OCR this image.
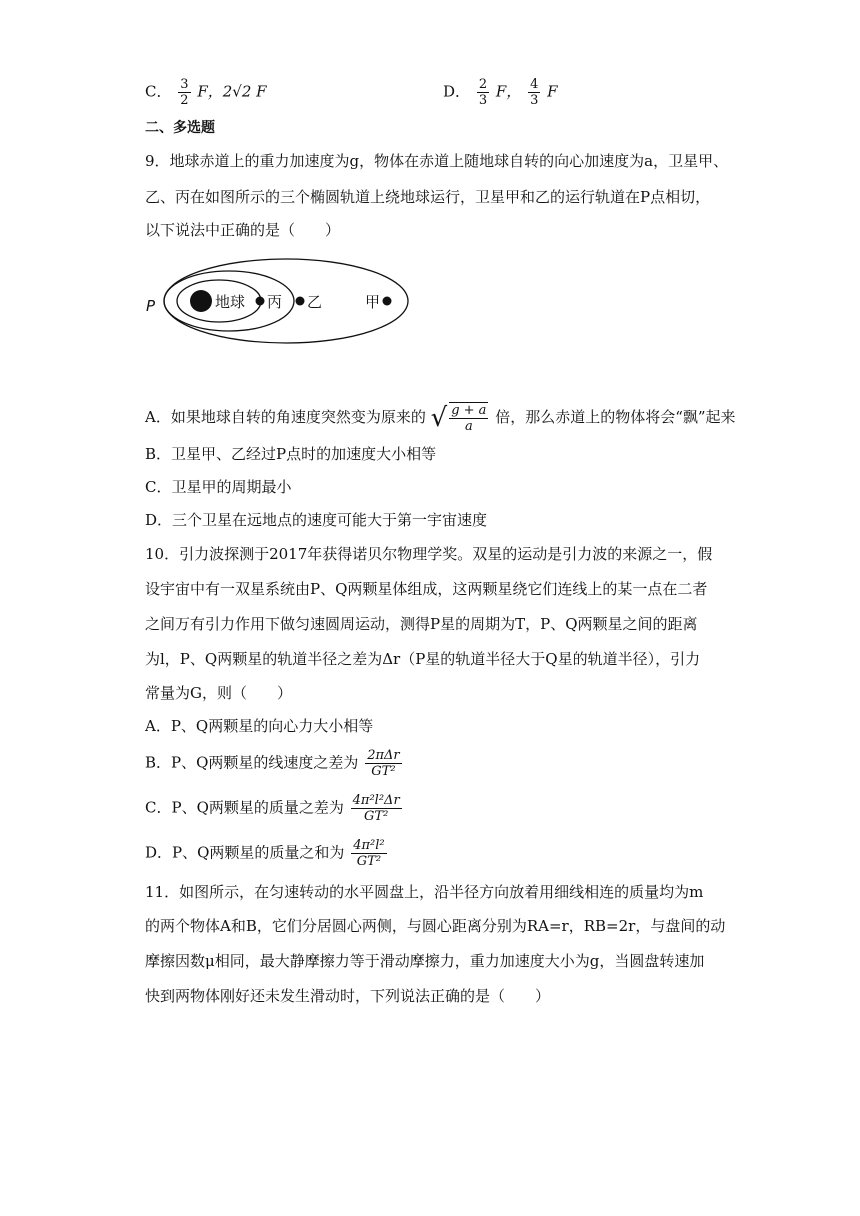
C． $\frac{3}{2}$ F，2√2 F	D． $\frac{2}{3}$ F， $\frac{4}{3}$ F
二、多选题
9．地球赤道上的重力加速度为g，物体在赤道上随地球自转的向心加速度为a，卫星甲、
乙、丙在如图所示的三个椭圆轨道上绕地球运行，卫星甲和乙的运行轨道在P点相切，
以下说法中正确的是（　　）
P	地球 丙 乙	甲
A．如果地球自转的角速度突然变为原来的 √ $\frac{g + a}{a}$ 倍，那么赤道上的物体将会“飘”起来
B．卫星甲、乙经过P点时的加速度大小相等
C．卫星甲的周期最小
D．三个卫星在远地点的速度可能大于第一宇宙速度
10．引力波探测于2017年获得诺贝尔物理学奖。双星的运动是引力波的来源之一，假
设宇宙中有一双星系统由P、Q两颗星体组成，这两颗星绕它们连线上的某一点在二者
之间万有引力作用下做匀速圆周运动，测得P星的周期为T，P、Q两颗星之间的距离
为l，P、Q两颗星的轨道半径之差为Δr（P星的轨道半径大于Q星的轨道半径），引力
常量为G，则（　　）
A．P、Q两颗星的向心力大小相等
B．P、Q两颗星的线速度之差为 $\frac{\text{2πΔr}}{\text{GT²}}$
C．P、Q两颗星的质量之差为 $\frac{\text{4π²l²Δr}}{\text{GT²}}$
D．P、Q两颗星的质量之和为 $\frac{\text{4π²l²}}{\text{GT²}}$
11．如图所示，在匀速转动的水平圆盘上，沿半径方向放着用细线相连的质量均为m
的两个物体A和B，它们分居圆心两侧，与圆心距离分别为RA=r，RB=2r，与盘间的动
摩擦因数μ相同，最大静摩擦力等于滑动摩擦力，重力加速度大小为g，当圆盘转速加
快到两物体刚好还未发生滑动时，下列说法正确的是（　　）
